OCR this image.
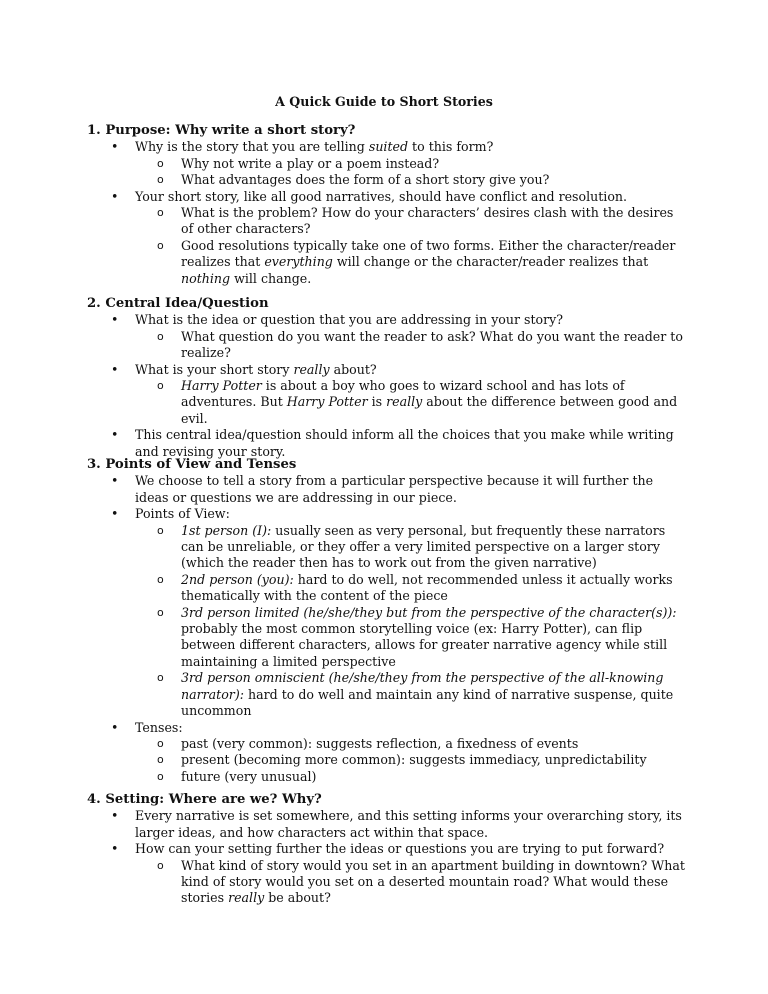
A Quick Guide to Short Stories
1. Purpose: Why write a short story?
• Why is the story that you are telling suited to this form?
o Why not write a play or a poem instead?
o What advantages does the form of a short story give you?
• Your short story, like all good narratives, should have conflict and resolution.
o What is the problem? How do your characters’ desires clash with the desires of other characters?
o Good resolutions typically take one of two forms. Either the character/reader realizes that everything will change or the character/reader realizes that nothing will change.
2. Central Idea/Question
• What is the idea or question that you are addressing in your story?
o What question do you want the reader to ask? What do you want the reader to realize?
• What is your short story really about?
o Harry Potter is about a boy who goes to wizard school and has lots of adventures. But Harry Potter is really about the difference between good and evil.
• This central idea/question should inform all the choices that you make while writing and revising your story.
3. Points of View and Tenses
• We choose to tell a story from a particular perspective because it will further the ideas or questions we are addressing in our piece.
• Points of View:
o 1st person (I): usually seen as very personal, but frequently these narrators can be unreliable, or they offer a very limited perspective on a larger story (which the reader then has to work out from the given narrative)
o 2nd person (you): hard to do well, not recommended unless it actually works thematically with the content of the piece
o 3rd person limited (he/she/they but from the perspective of the character(s)): probably the most common storytelling voice (ex: Harry Potter), can flip between different characters, allows for greater narrative agency while still maintaining a limited perspective
o 3rd person omniscient (he/she/they from the perspective of the all-knowing narrator): hard to do well and maintain any kind of narrative suspense, quite uncommon
• Tenses:
o past (very common): suggests reflection, a fixedness of events
o present (becoming more common): suggests immediacy, unpredictability
o future (very unusual)
4. Setting: Where are we? Why?
• Every narrative is set somewhere, and this setting informs your overarching story, its larger ideas, and how characters act within that space.
• How can your setting further the ideas or questions you are trying to put forward?
o What kind of story would you set in an apartment building in downtown? What kind of story would you set on a deserted mountain road? What would these stories really be about?
